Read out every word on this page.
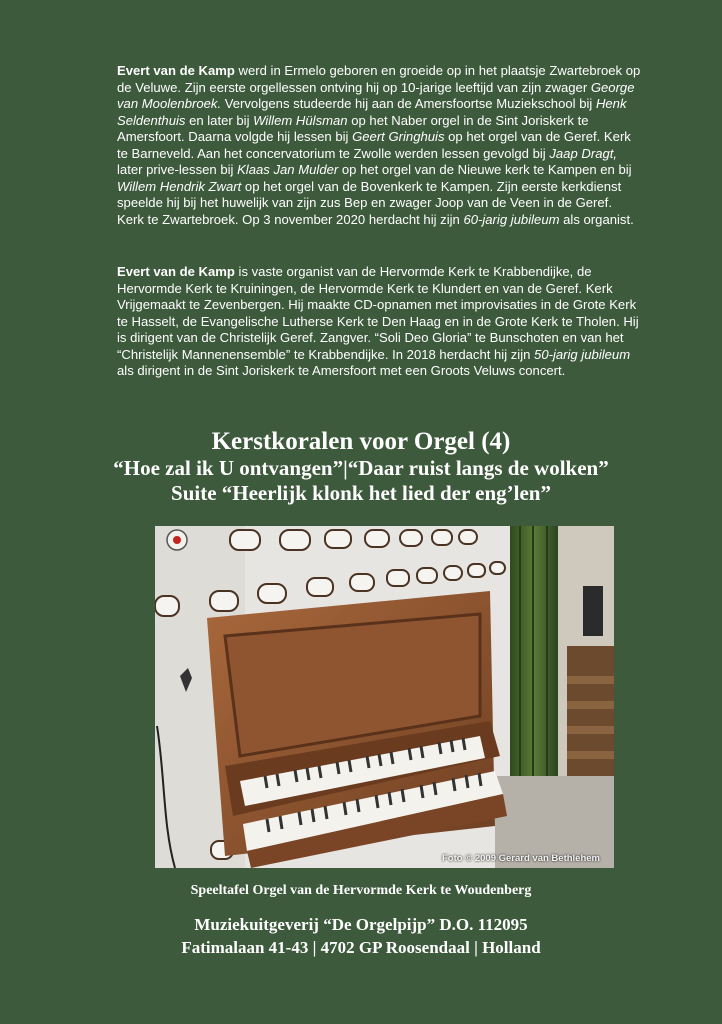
Evert van de Kamp werd in Ermelo geboren en groeide op in het plaatsje Zwartebroek op de Veluwe. Zijn eerste orgellessen ontving hij op 10-jarige leeftijd van zijn zwager George van Moolenbroek. Vervolgens studeerde hij aan de Amersfoortse Muziekschool bij Henk Seldenthuis en later bij Willem Hülsman op het Naber orgel in de Sint Joriskerk te Amersfoort. Daarna volgde hij lessen bij Geert Gringhuis op het orgel van de Geref. Kerk te Barneveld. Aan het concervatorium te Zwolle werden lessen gevolgd bij Jaap Dragt, later prive-lessen bij Klaas Jan Mulder op het orgel van de Nieuwe kerk te Kampen en bij Willem Hendrik Zwart op het orgel van de Bovenkerk te Kampen. Zijn eerste kerkdienst speelde hij bij het huwelijk van zijn zus Bep en zwager Joop van de Veen in de Geref. Kerk te Zwartebroek. Op 3 november 2020 herdacht hij zijn 60-jarig jubileum als organist.

Evert van de Kamp is vaste organist van de Hervormde Kerk te Krabbendijke, de Hervormde Kerk te Kruiningen, de Hervormde Kerk te Klundert en van de Geref. Kerk Vrijgemaakt te Zevenbergen. Hij maakte CD-opnamen met improvisaties in de Grote Kerk te Hasselt, de Evangelische Lutherse Kerk te Den Haag en in de Grote Kerk te Tholen. Hij is dirigent van de Christelijk Geref. Zangver. “Soli Deo Gloria” te Bunschoten en van het “Christelijk Mannenensemble” te Krabbendijke. In 2018 herdacht hij zijn 50-jarig jubileum als dirigent in de Sint Joriskerk te Amersfoort met een Groots Veluws concert.

Kerstkoralen voor Orgel (4)
“Hoe zal ik U ontvangen”|“Daar ruist langs de wolken”
Suite “Heerlijk klonk het lied der eng’len”
Foto © 2009 Gerard van Bethlehem
Speeltafel Orgel van de Hervormde Kerk te Woudenberg
Muziekuitgeverij “De Orgelpijp” D.O. 112095
Fatimalaan 41-43 | 4702 GP Roosendaal | Holland
